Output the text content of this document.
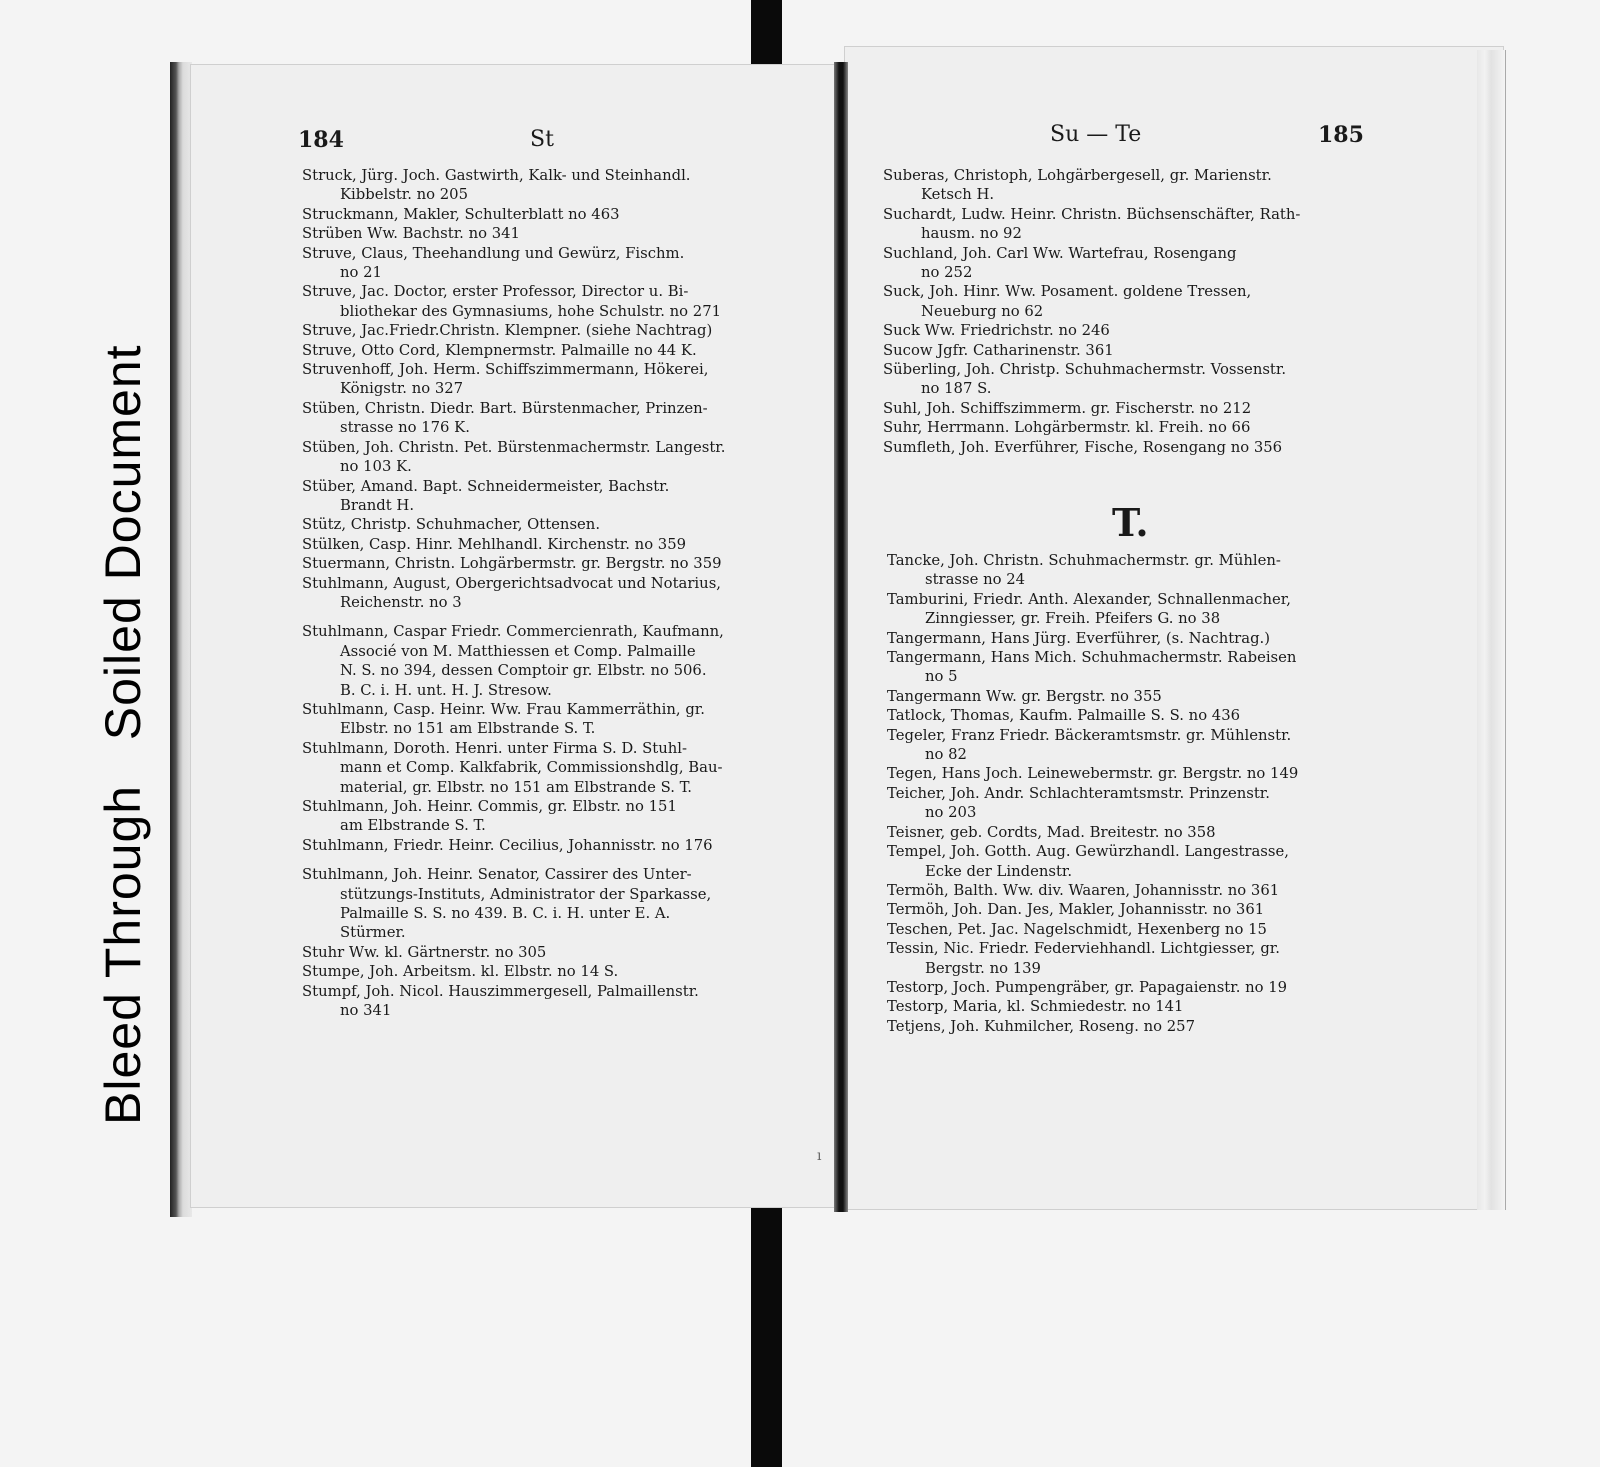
Bleed Through   Soiled Document
184	St	Su — Te	185
Struck, Jürg. Joch. Gastwirth, Kalk- und Steinhandl.
Kibbelstr. no 205
Struckmann, Makler, Schulterblatt no 463
Strüben Ww. Bachstr. no 341
Struve, Claus, Theehandlung und Gewürz, Fischm.
no 21
Struve, Jac. Doctor, erster Professor, Director u. Bi-
bliothekar des Gymnasiums, hohe Schulstr. no 271
Struve, Jac.Friedr.Christn. Klempner. (siehe Nachtrag)
Struve, Otto Cord, Klempnermstr. Palmaille no 44 K.
Struvenhoff, Joh. Herm. Schiffszimmermann, Hökerei,
Königstr. no 327
Stüben, Christn. Diedr. Bart. Bürstenmacher, Prinzen-
strasse no 176 K.
Stüben, Joh. Christn. Pet. Bürstenmachermstr. Langestr.
no 103 K.
Stüber, Amand. Bapt. Schneidermeister, Bachstr.
Brandt H.
Stütz, Christp. Schuhmacher, Ottensen.
Stülken, Casp. Hinr. Mehlhandl. Kirchenstr. no 359
Stuermann, Christn. Lohgärbermstr. gr. Bergstr. no 359
Stuhlmann, August, Obergerichtsadvocat und Notarius,
Reichenstr. no 3
Stuhlmann, Caspar Friedr. Commercienrath, Kaufmann,
Associé von M. Matthiessen et Comp. Palmaille
N. S. no 394, dessen Comptoir gr. Elbstr. no 506.
B. C. i. H. unt. H. J. Stresow.
Stuhlmann, Casp. Heinr. Ww. Frau Kammerräthin, gr.
Elbstr. no 151 am Elbstrande S. T.
Stuhlmann, Doroth. Henri. unter Firma S. D. Stuhl-
mann et Comp. Kalkfabrik, Commissionshdlg, Bau-
material, gr. Elbstr. no 151 am Elbstrande S. T.
Stuhlmann, Joh. Heinr. Commis, gr. Elbstr. no 151
am Elbstrande S. T.
Stuhlmann, Friedr. Heinr. Cecilius, Johannisstr. no 176
Stuhlmann, Joh. Heinr. Senator, Cassirer des Unter-
stützungs-Instituts, Administrator der Sparkasse,
Palmaille S. S. no 439. B. C. i. H. unter E. A.
Stürmer.
Stuhr Ww. kl. Gärtnerstr. no 305
Stumpe, Joh. Arbeitsm. kl. Elbstr. no 14 S.
Stumpf, Joh. Nicol. Hauszimmergesell, Palmaillenstr.
no 341
Suberas, Christoph, Lohgärbergesell, gr. Marienstr.
Ketsch H.
Suchardt, Ludw. Heinr. Christn. Büchsenschäfter, Rath-
hausm. no 92
Suchland, Joh. Carl Ww. Wartefrau, Rosengang
no 252
Suck, Joh. Hinr. Ww. Posament. goldene Tressen,
Neueburg no 62
Suck Ww. Friedrichstr. no 246
Sucow Jgfr. Catharinenstr. 361
Süberling, Joh. Christp. Schuhmachermstr. Vossenstr.
no 187 S.
Suhl, Joh. Schiffszimmerm. gr. Fischerstr. no 212
Suhr, Herrmann. Lohgärbermstr. kl. Freih. no 66
Sumfleth, Joh. Everführer, Fische, Rosengang no 356
T.
Tancke, Joh. Christn. Schuhmachermstr. gr. Mühlen-
strasse no 24
Tamburini, Friedr. Anth. Alexander, Schnallenmacher,
Zinngiesser, gr. Freih. Pfeifers G. no 38
Tangermann, Hans Jürg. Everführer, (s. Nachtrag.)
Tangermann, Hans Mich. Schuhmachermstr. Rabeisen
no 5
Tangermann Ww. gr. Bergstr. no 355
Tatlock, Thomas, Kaufm. Palmaille S. S. no 436
Tegeler, Franz Friedr. Bäckeramtsmstr. gr. Mühlenstr.
no 82
Tegen, Hans Joch. Leinewebermstr. gr. Bergstr. no 149
Teicher, Joh. Andr. Schlachteramtsmstr. Prinzenstr.
no 203
Teisner, geb. Cordts, Mad. Breitestr. no 358
Tempel, Joh. Gotth. Aug. Gewürzhandl. Langestrasse,
Ecke der Lindenstr.
Termöh, Balth. Ww. div. Waaren, Johannisstr. no 361
Termöh, Joh. Dan. Jes, Makler, Johannisstr. no 361
Teschen, Pet. Jac. Nagelschmidt, Hexenberg no 15
Tessin, Nic. Friedr. Federviehhandl. Lichtgiesser, gr.
Bergstr. no 139
Testorp, Joch. Pumpengräber, gr. Papagaienstr. no 19
Testorp, Maria, kl. Schmiedestr. no 141
Tetjens, Joh. Kuhmilcher, Roseng. no 257
ı
